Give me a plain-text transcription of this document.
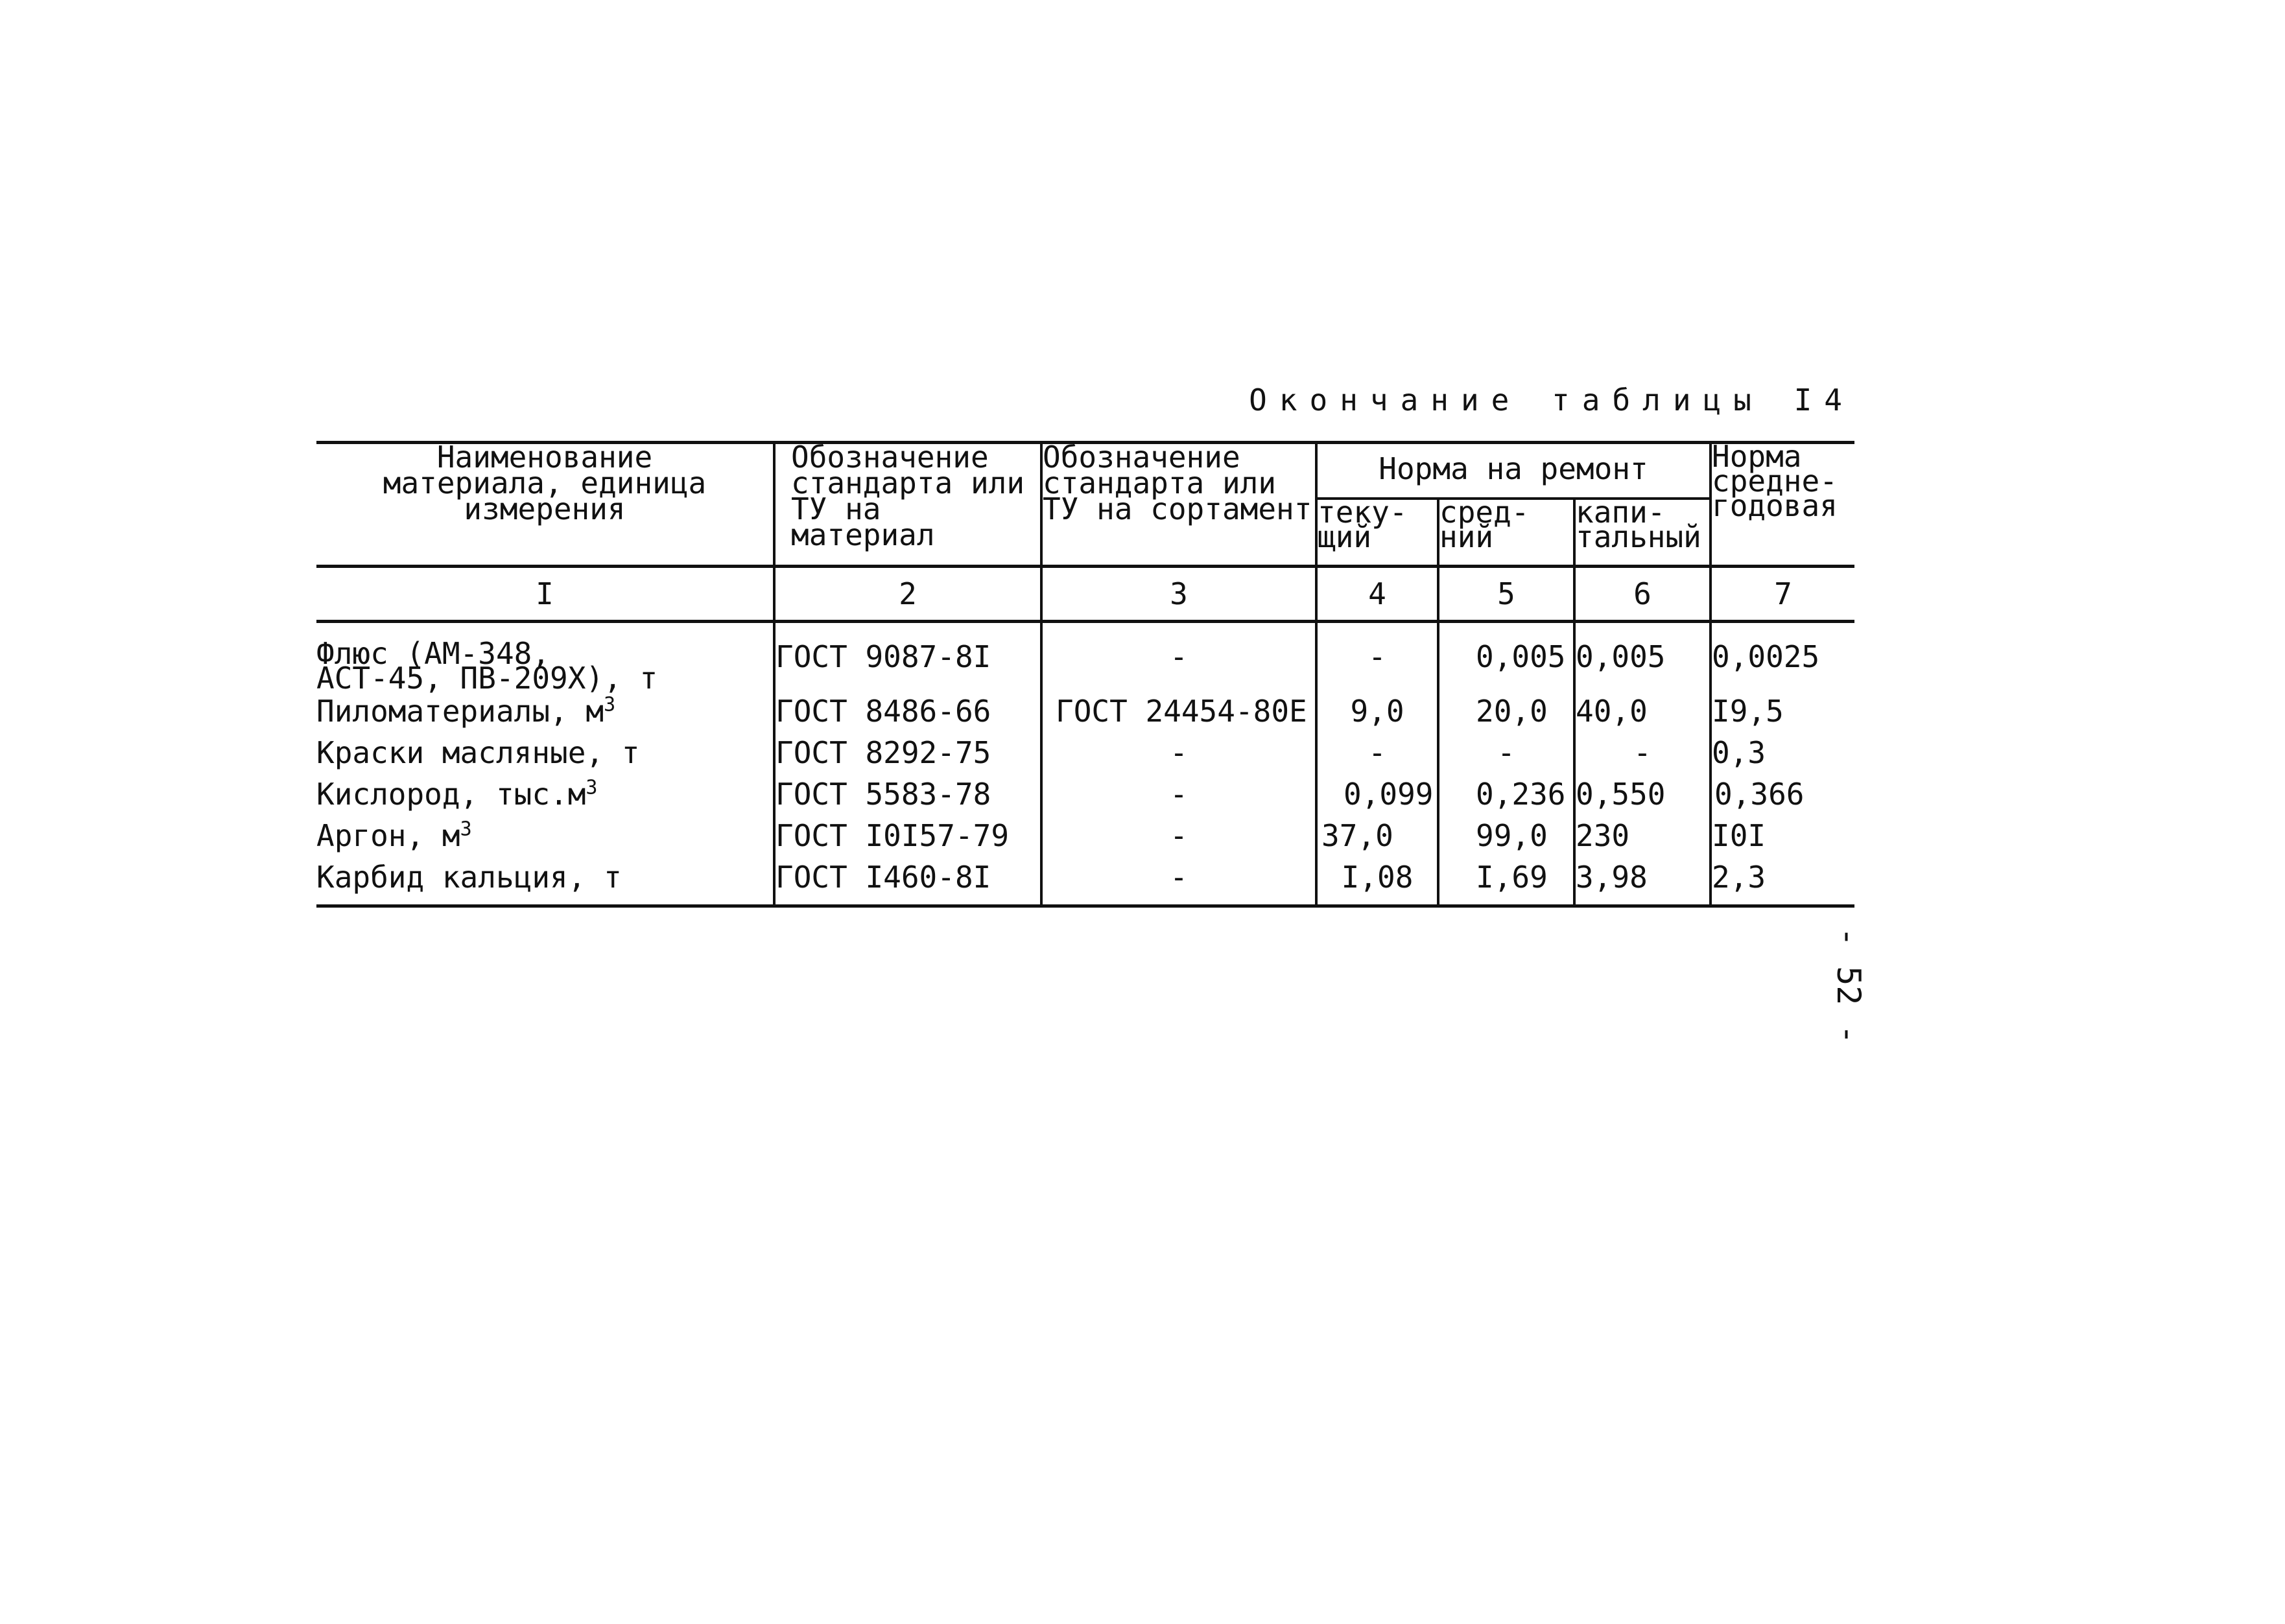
Окончание таблицы I4
Наименование материала, единица измерения	Обозначение стандарта или ТУ на материал	Обозначение стандарта или ТУ на сортамент	Норма на ремонт			Норма средне-годовая
			теку-щий	сред-ний	капи-тальный	
I	2	3	4	5	6	7

Флюс (АМ-348, АСТ-45, ПВ-209Х), т	ГОСТ 9087-8I	-	-	0,005	0,005	0,0025
Пиломатериалы, $м^3$	ГОСТ 8486-66	ГОСТ 24454-80Е	9,0	20,0	40,0	I9,5
Краски масляные, т	ГОСТ 8292-75	-	-	-	-	0,3
Кислород, $тыс.м^3$	ГОСТ 5583-78	-	0,099	0,236	0,550	0,366
Аргон, $м^3$	ГОСТ I0I57-79	-	37,0	99,0	230	I0I
Карбид кальция, т	ГОСТ I460-8I	-	I,08	I,69	3,98	2,3
- 52 -
